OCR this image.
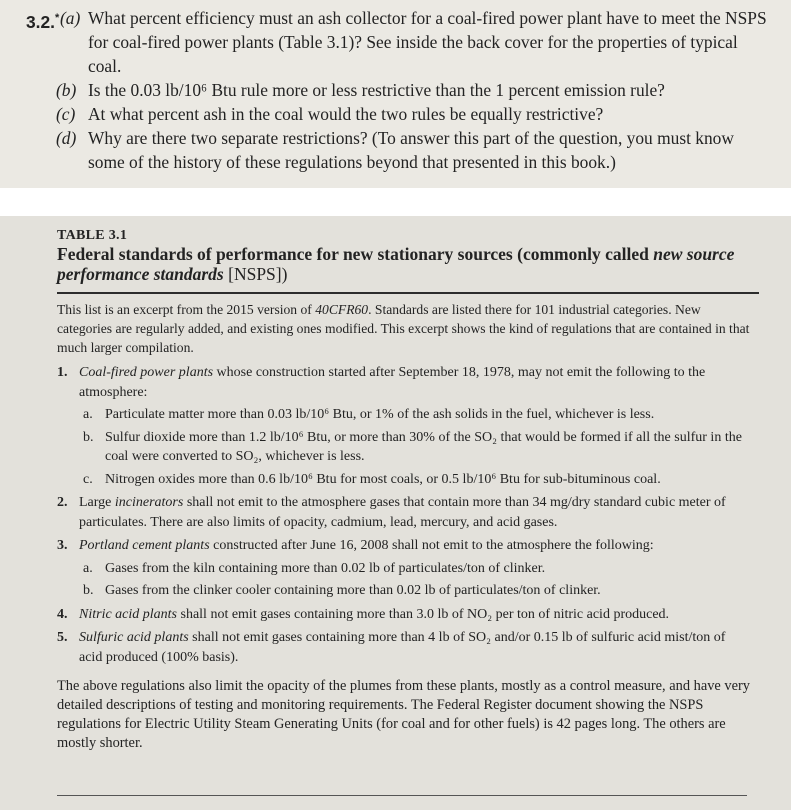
3.2.* (a) What percent efficiency must an ash collector for a coal-fired power plant have to meet the NSPS for coal-fired power plants (Table 3.1)? See inside the back cover for the properties of typical coal.
(b) Is the 0.03 lb/10⁶ Btu rule more or less restrictive than the 1 percent emission rule?
(c) At what percent ash in the coal would the two rules be equally restrictive?
(d) Why are there two separate restrictions? (To answer this part of the question, you must know some of the history of these regulations beyond that presented in this book.)
TABLE 3.1
Federal standards of performance for new stationary sources (commonly called new source performance standards [NSPS])
This list is an excerpt from the 2015 version of 40CFR60. Standards are listed there for 101 industrial categories. New categories are regularly added, and existing ones modified. This excerpt shows the kind of regulations that are contained in that much larger compilation.
1. Coal-fired power plants whose construction started after September 18, 1978, may not emit the following to the atmosphere:
a. Particulate matter more than 0.03 lb/10⁶ Btu, or 1% of the ash solids in the fuel, whichever is less.
b. Sulfur dioxide more than 1.2 lb/10⁶ Btu, or more than 30% of the SO₂ that would be formed if all the sulfur in the coal were converted to SO₂, whichever is less.
c. Nitrogen oxides more than 0.6 lb/10⁶ Btu for most coals, or 0.5 lb/10⁶ Btu for sub-bituminous coal.
2. Large incinerators shall not emit to the atmosphere gases that contain more than 34 mg/dry standard cubic meter of particulates. There are also limits of opacity, cadmium, lead, mercury, and acid gases.
3. Portland cement plants constructed after June 16, 2008 shall not emit to the atmosphere the following:
a. Gases from the kiln containing more than 0.02 lb of particulates/ton of clinker.
b. Gases from the clinker cooler containing more than 0.02 lb of particulates/ton of clinker.
4. Nitric acid plants shall not emit gases containing more than 3.0 lb of NO₂ per ton of nitric acid produced.
5. Sulfuric acid plants shall not emit gases containing more than 4 lb of SO₂ and/or 0.15 lb of sulfuric acid mist/ton of acid produced (100% basis).
The above regulations also limit the opacity of the plumes from these plants, mostly as a control measure, and have very detailed descriptions of testing and monitoring requirements. The Federal Register document showing the NSPS regulations for Electric Utility Steam Generating Units (for coal and for other fuels) is 42 pages long. The others are mostly shorter.
